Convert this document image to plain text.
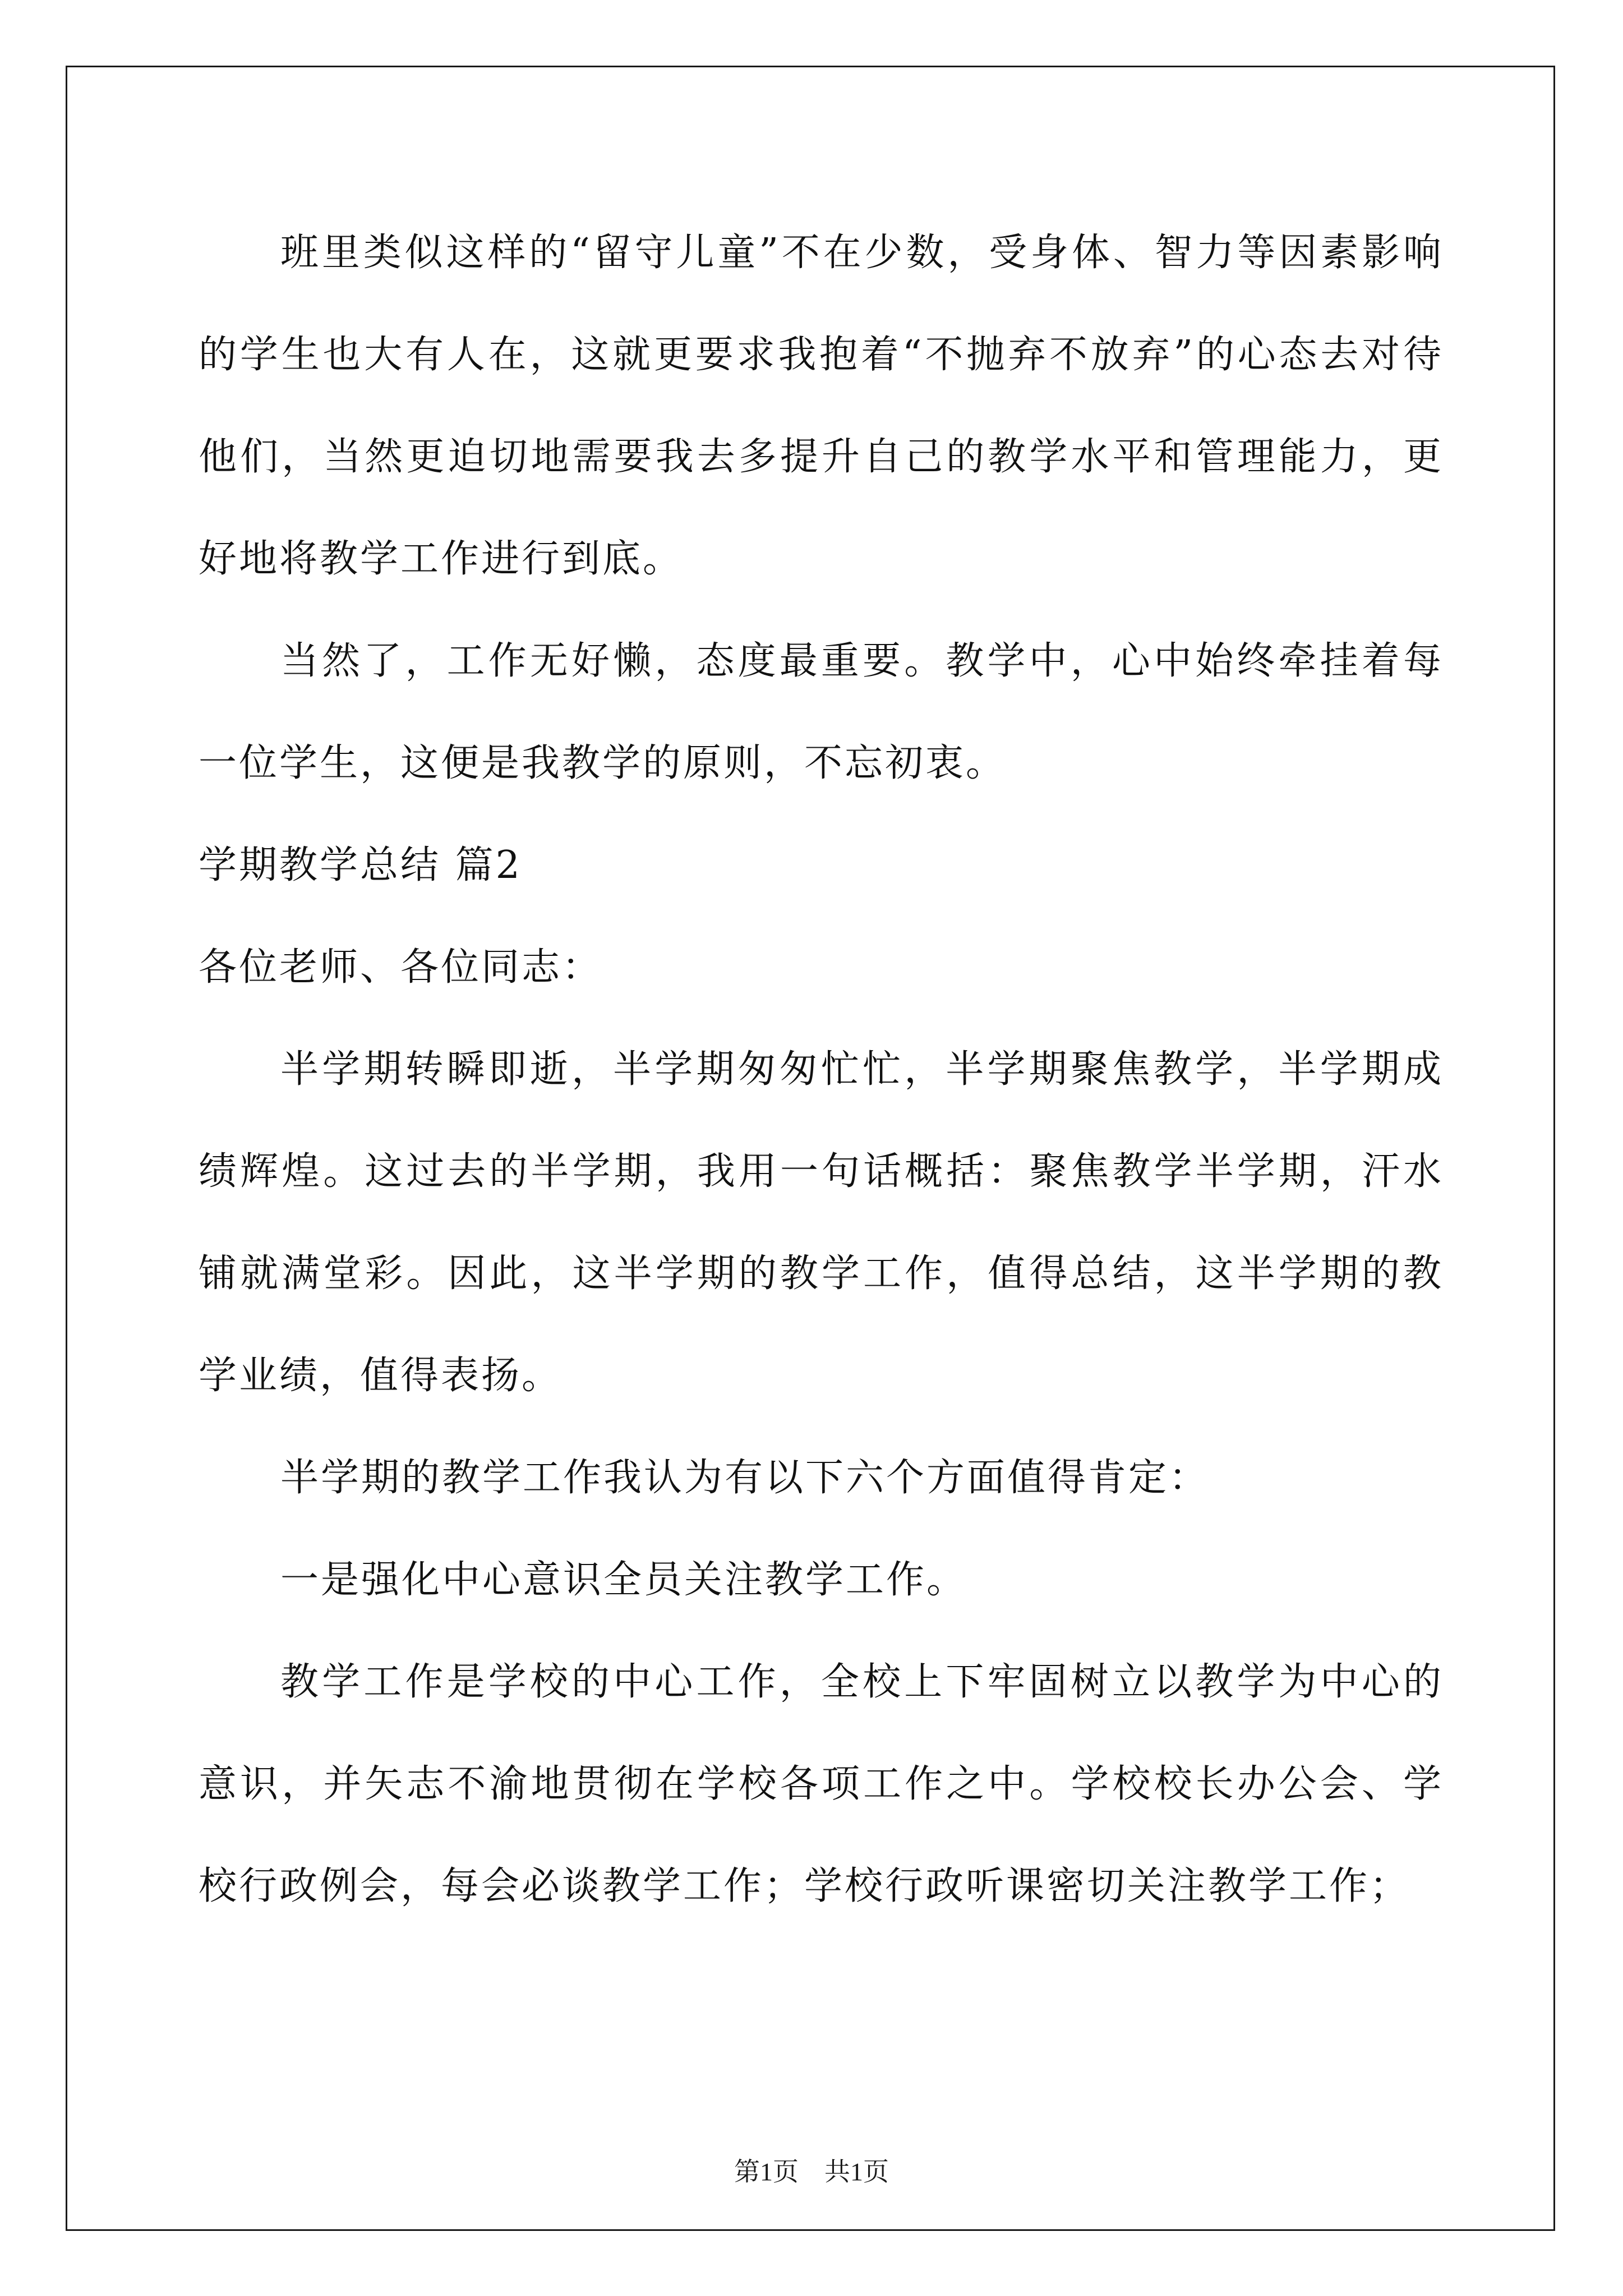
班里类似这样的“留守儿童”不在少数，受身体、智力等因素影响的学生也大有人在，这就更要求我抱着“不抛弃不放弃”的心态去对待他们，当然更迫切地需要我去多提升自己的教学水平和管理能力，更好地将教学工作进行到底。

当然了，工作无好懒，态度最重要。教学中，心中始终牵挂着每一位学生，这便是我教学的原则，不忘初衷。

学期教学总结 篇2

各位老师、各位同志：

半学期转瞬即逝，半学期匆匆忙忙，半学期聚焦教学，半学期成绩辉煌。这过去的半学期，我用一句话概括：聚焦教学半学期，汗水铺就满堂彩。因此，这半学期的教学工作，值得总结，这半学期的教学业绩，值得表扬。

半学期的教学工作我认为有以下六个方面值得肯定：

一是强化中心意识全员关注教学工作。

教学工作是学校的中心工作，全校上下牢固树立以教学为中心的意识，并矢志不渝地贯彻在学校各项工作之中。学校校长办公会、学校行政例会，每会必谈教学工作；学校行政听课密切关注教学工作；

第1页　共1页
